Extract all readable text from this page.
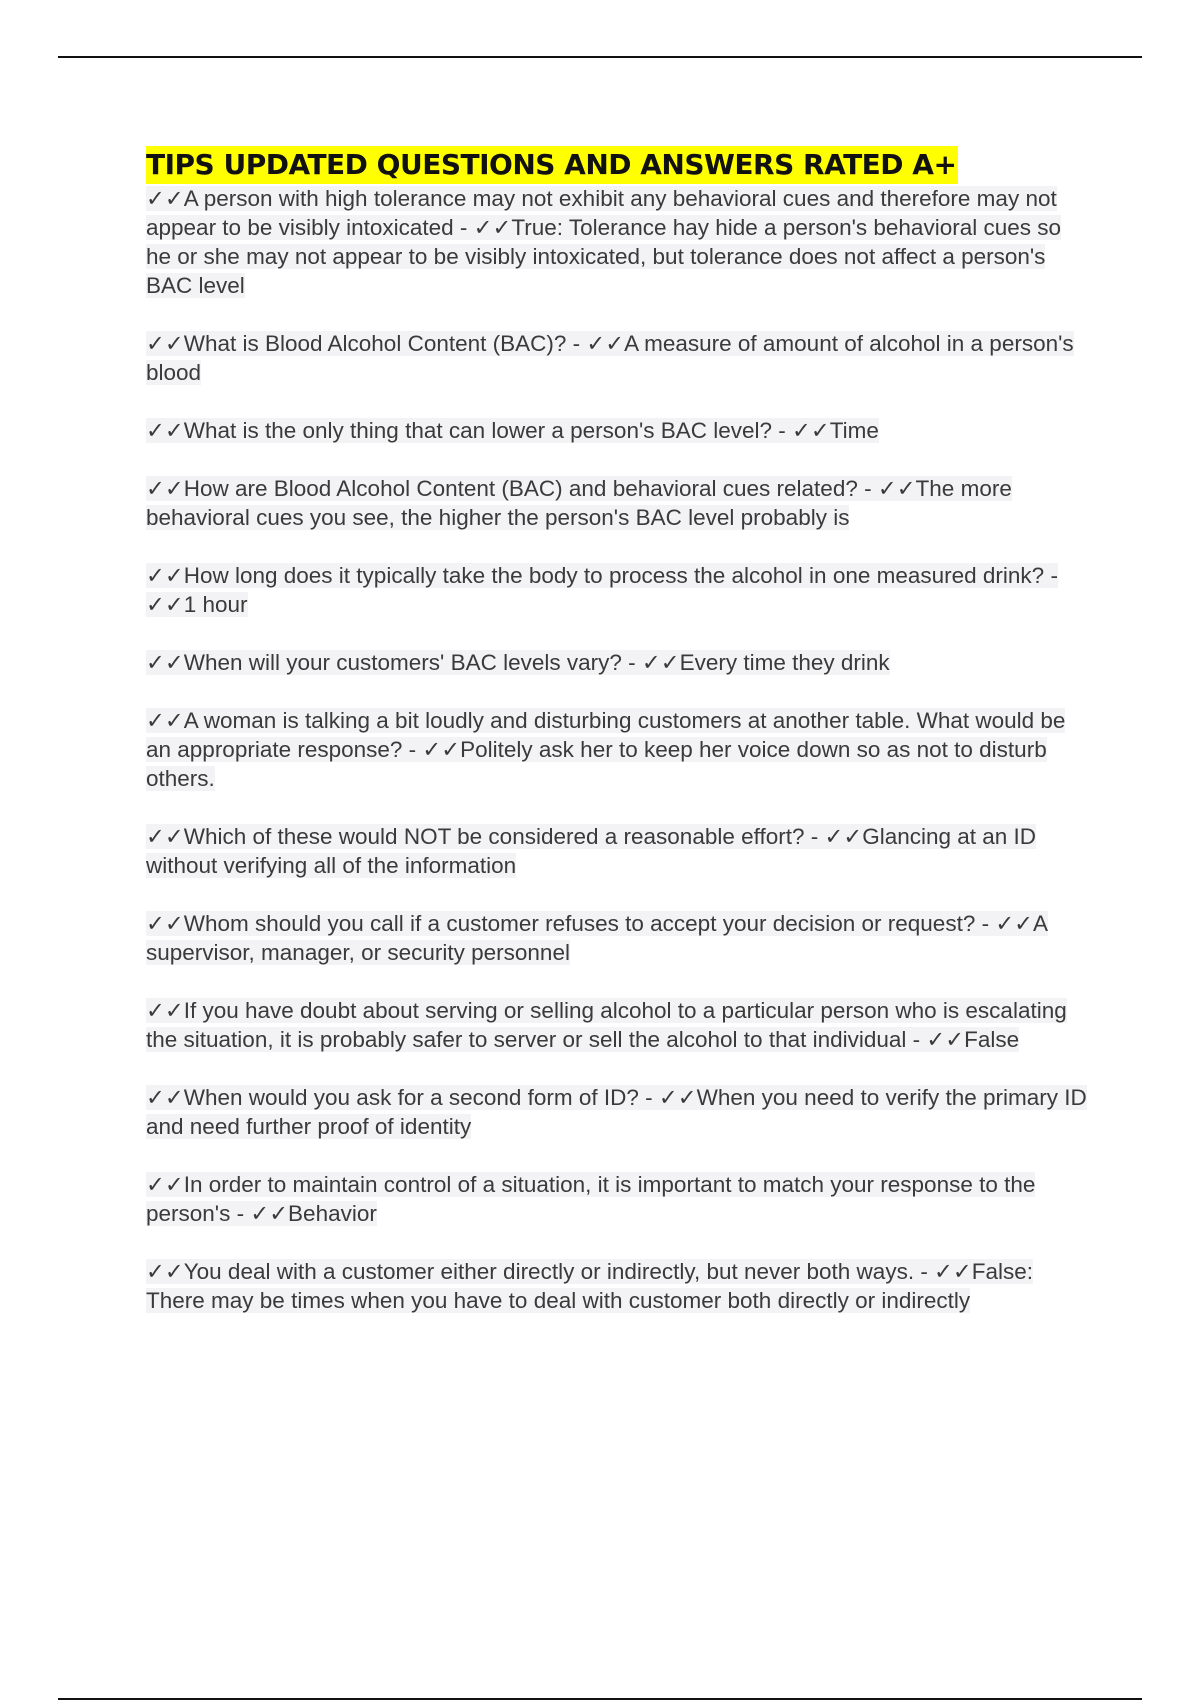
TIPS UPDATED QUESTIONS AND ANSWERS RATED A+
✓✓A person with high tolerance may not exhibit any behavioral cues and therefore may not appear to be visibly intoxicated - ✓✓True: Tolerance hay hide a person's behavioral cues so he or she may not appear to be visibly intoxicated, but tolerance does not affect a person's BAC level
✓✓What is Blood Alcohol Content (BAC)? - ✓✓A measure of amount of alcohol in a person's blood
✓✓What is the only thing that can lower a person's BAC level? - ✓✓Time
✓✓How are Blood Alcohol Content (BAC) and behavioral cues related? - ✓✓The more behavioral cues you see, the higher the person's BAC level probably is
✓✓How long does it typically take the body to process the alcohol in one measured drink? - ✓✓1 hour
✓✓When will your customers' BAC levels vary? - ✓✓Every time they drink
✓✓A woman is talking a bit loudly and disturbing customers at another table. What would be an appropriate response? - ✓✓Politely ask her to keep her voice down so as not to disturb others.
✓✓Which of these would NOT be considered a reasonable effort? - ✓✓Glancing at an ID without verifying all of the information
✓✓Whom should you call if a customer refuses to accept your decision or request? - ✓✓A supervisor, manager, or security personnel
✓✓If you have doubt about serving or selling alcohol to a particular person who is escalating the situation, it is probably safer to server or sell the alcohol to that individual - ✓✓False
✓✓When would you ask for a second form of ID? - ✓✓When you need to verify the primary ID and need further proof of identity
✓✓In order to maintain control of a situation, it is important to match your response to the person's - ✓✓Behavior
✓✓You deal with a customer either directly or indirectly, but never both ways. - ✓✓False: There may be times when you have to deal with customer both directly or indirectly
